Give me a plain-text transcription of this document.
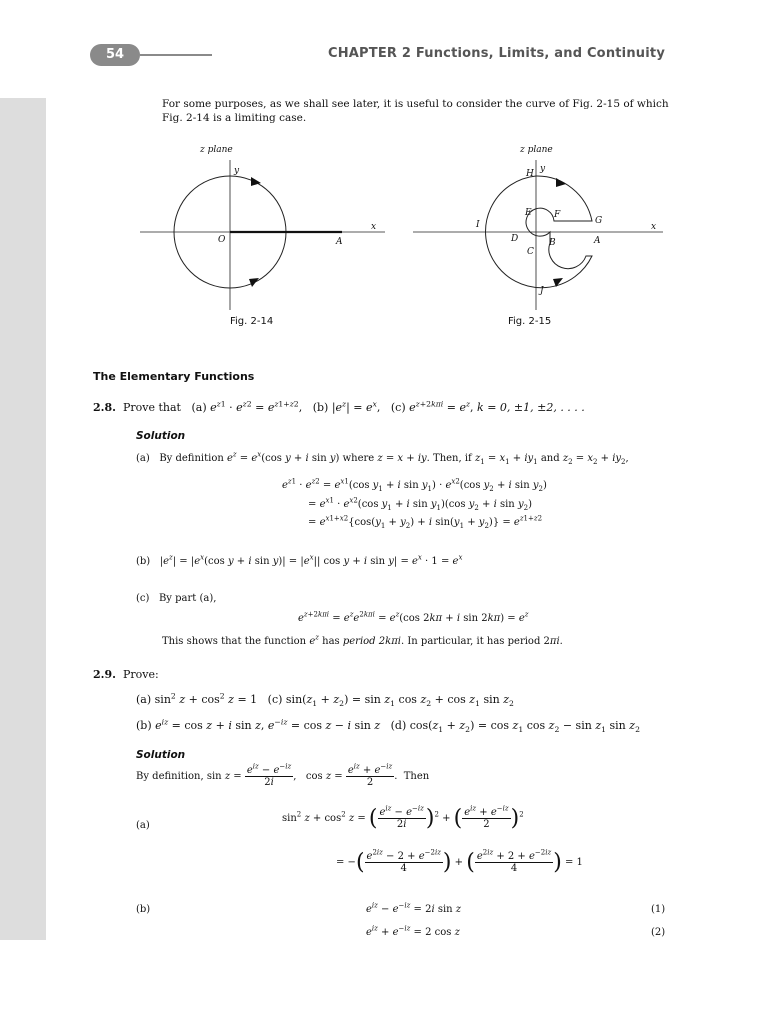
54	CHAPTER 2 Functions, Limits, and Continuity
For some purposes, as we shall see later, it is useful to consider the curve of Fig. 2-15 of which Fig. 2-14 is a limiting case.
z plane
y
x
O	A
Fig. 2-14
z plane
y
H
E F
G
I
D	B	A
C
J
x
Fig. 2-15
The Elementary Functions
2.8. Prove that (a) $e^{z1} \cdot e^{z2} = e^{z1+z2}$,   (b) $|e^z| = e^x$,   (c) $e^{z+2k\pi i} = e^z$, k = 0, ±1, ±2, . . . .
Solution
(a) By definition $e^z = e^x(\cos$ y + i sin y) where z = x + iy. Then, if $z_1 = x_1 + iy_1$ and $z_2 = x_2 + iy_2$,
$e^{z1} \cdot e^{z2} = e^{x1}(\cos$ $y_1 + i$ $\sin y_1) \cdot e^{x2}(\cos$ $y_2 + i$ $\sin y_2$)
= $e^{x1} \cdot e^{x2}(\cos$ $y_1 + i$ $\sin y_1)(\cos$ $y_2 + i$ $\sin y_2$)
= $e^{x1+x2}\{\cos(y_1 + y_2) + i$ $\sin(y_1 + y_2)\} = e^{z1+z2}$
(b)   $|e^z| = |e^x(\cos$ y + i $\sin y)| = |e^x||$ cos y + i $\sin y| = e^x \cdot 1 = e^x$
(c) By part (a),
$e^{z+2k\pi i} = e^ze^{2k\pi i} = e^z(\cos$ 2kπ + i $\sin 2k\pi) = e^z$
This shows that the function $e^z$ has period 2kπi. In particular, it has period 2πi.
2.9. Prove:
(a) $\sin^2 z + \cos^2 z = 1$   (c) $\sin(z_1 + z_2) = \sin z_1$ $\cos z_2 + \cos z_1$ $\sin z_2$
(b) $e^{iz} = \cos z + i$ sin z, $e^{-iz} = \cos z - i$ sin z (d) $\cos(z_1 + z_2) = \cos z_1$ $\cos z_2 - \sin z_1$ $\sin z_2$
Solution
By definition, $\sin z = \frac{e^{iz} - e^{-iz}}{2i}$ ,   $\cos z = \frac{e^{iz} + e^{-iz}}{2}$ .  Then
(a)
$\sin^2 z + \cos^2 z$ = ( $\frac{e^{iz} - e^{-iz}}{2i} )^2$ + ( $\frac{e^{iz} + e^{-iz}}{2} )^2$
= −( $\frac{e^{2iz} - 2 + e^{-2iz}}{4}$ ) + ( $\frac{e^{2iz} + 2 + e^{-2iz}}{4}$ ) = 1
(b)	$e^{iz} - e^{-iz} = 2i$ sin z	(1)
$e^{iz} + e^{-iz} = 2$ cos z	(2)
